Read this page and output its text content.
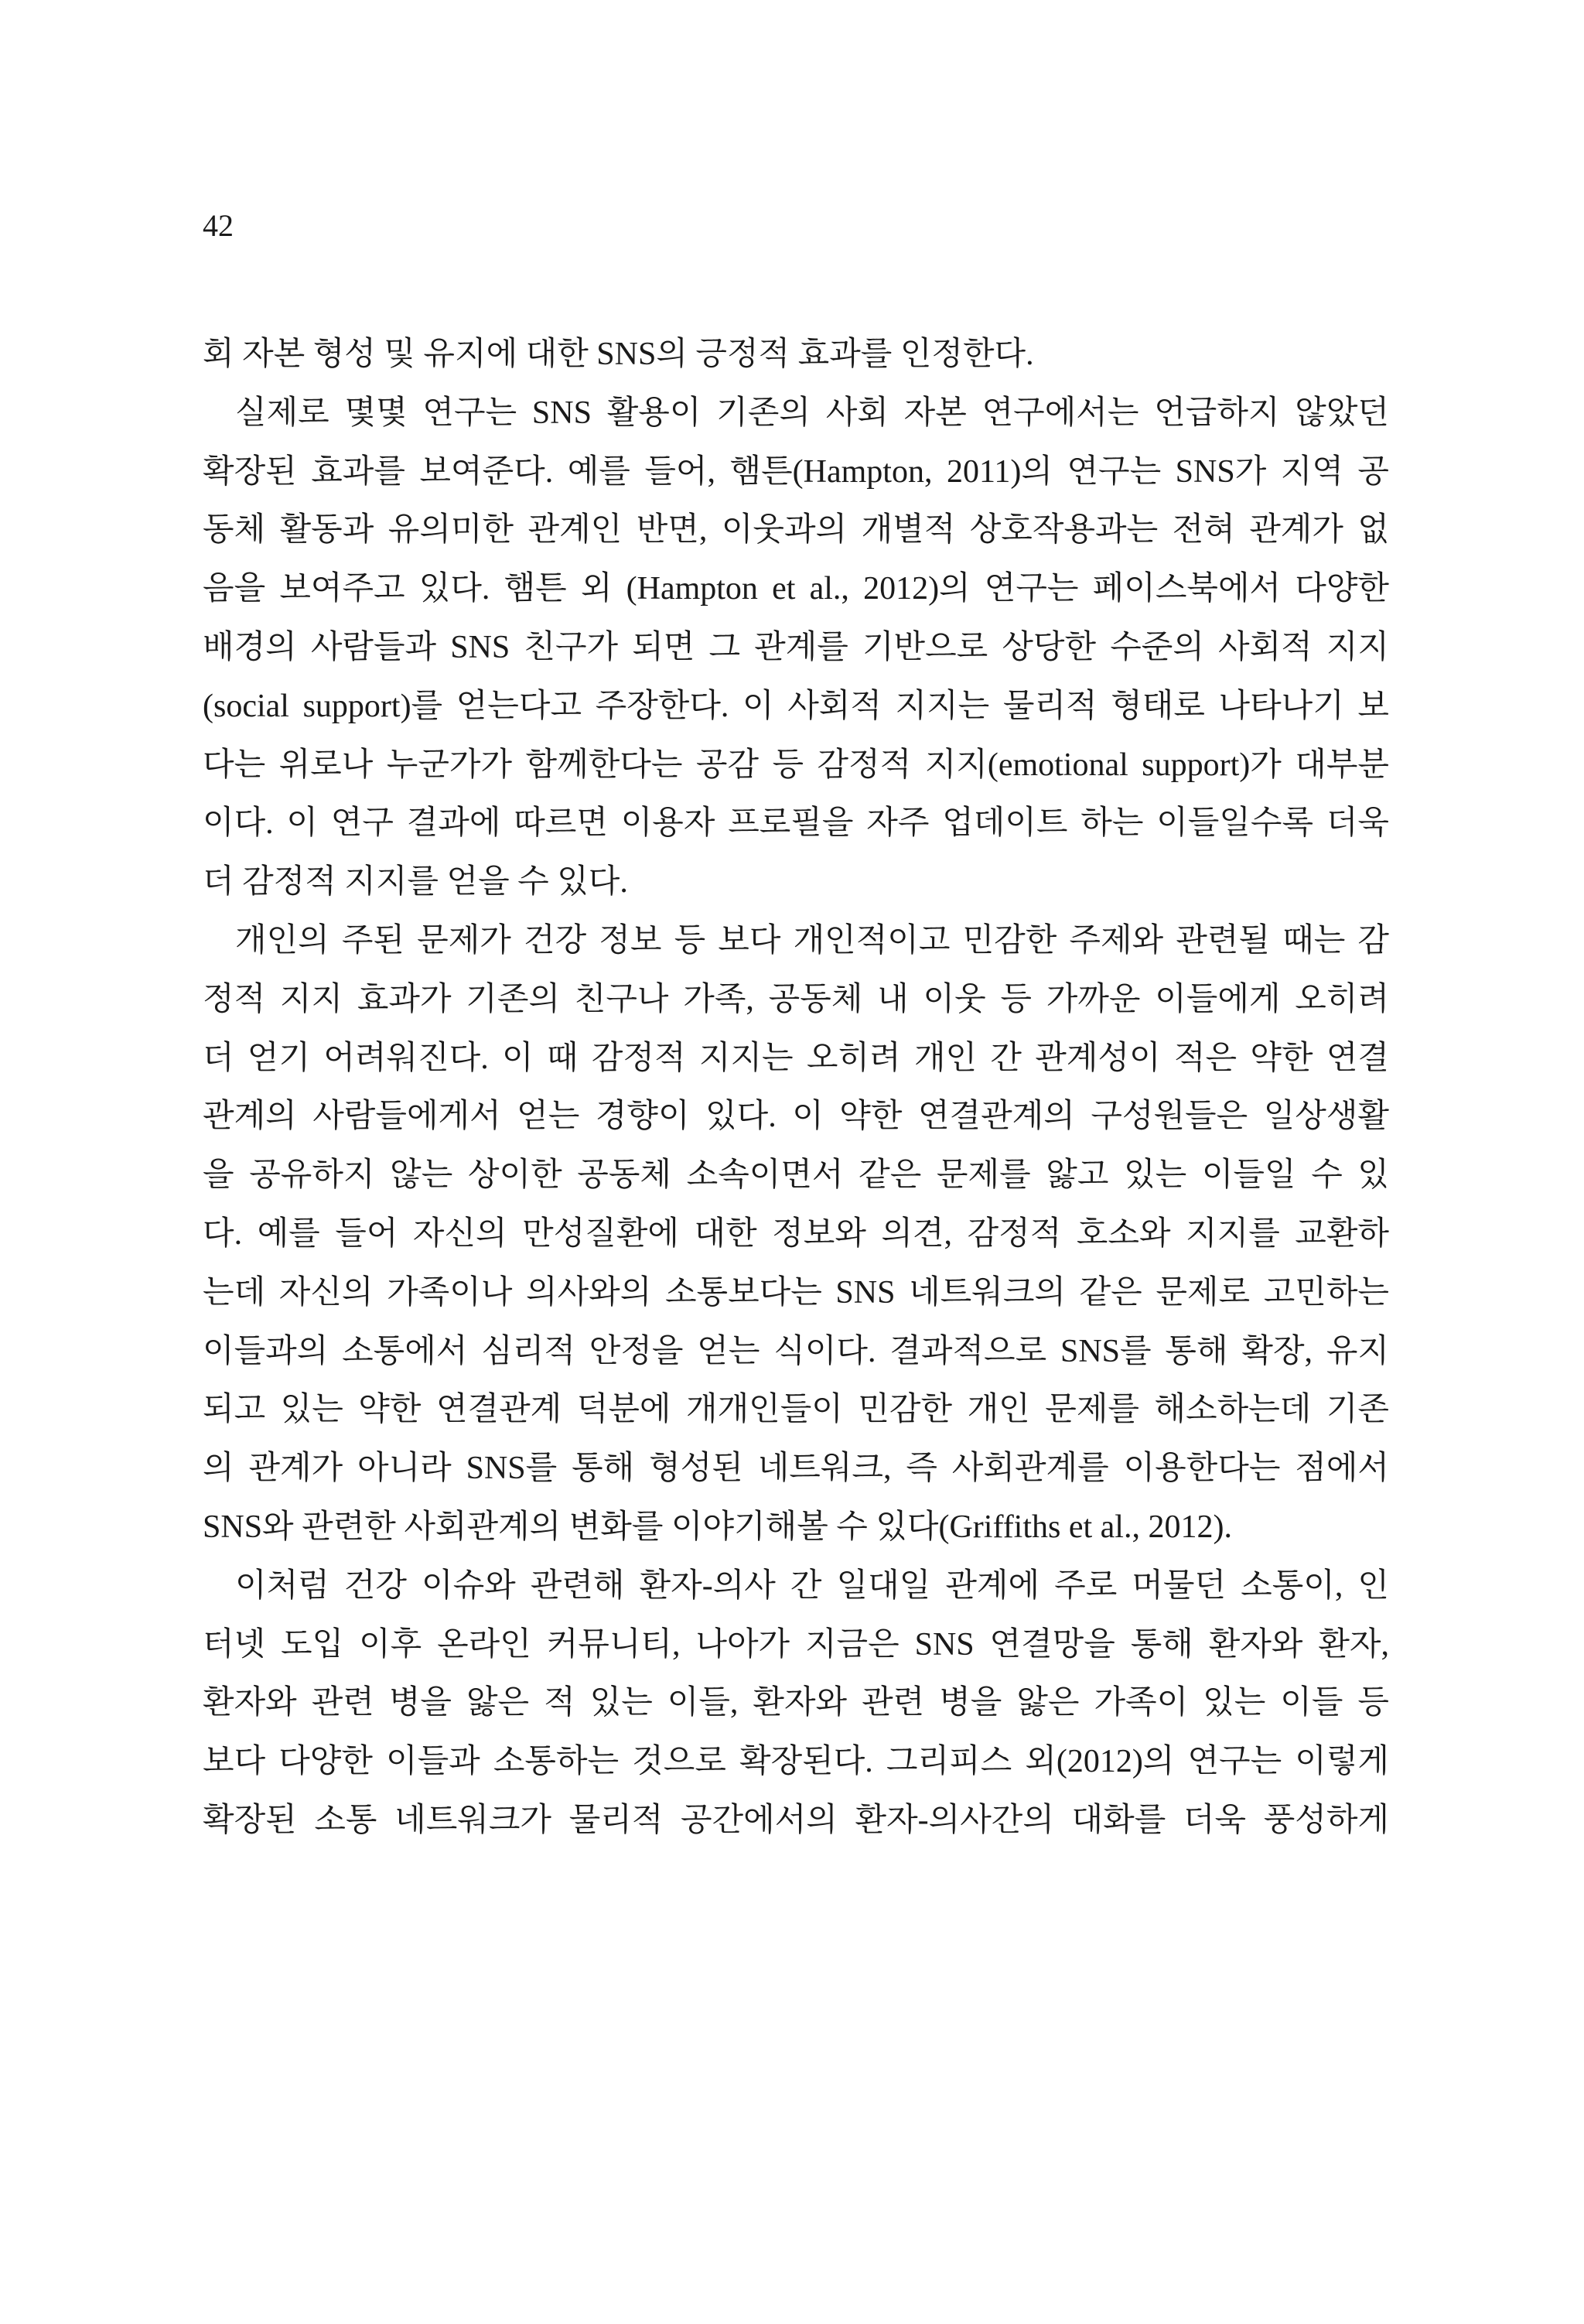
42
회 자본 형성 및 유지에 대한 SNS의 긍정적 효과를 인정한다.
실제로 몇몇 연구는 SNS 활용이 기존의 사회 자본 연구에서는 언급하지 않았던
확장된 효과를 보여준다. 예를 들어, 햄튼(Hampton, 2011)의 연구는 SNS가 지역 공
동체 활동과 유의미한 관계인 반면, 이웃과의 개별적 상호작용과는 전혀 관계가 없
음을 보여주고 있다. 햄튼 외 (Hampton et al., 2012)의 연구는 페이스북에서 다양한
배경의 사람들과 SNS 친구가 되면 그 관계를 기반으로 상당한 수준의 사회적 지지
(social support)를 얻는다고 주장한다. 이 사회적 지지는 물리적 형태로 나타나기 보
다는 위로나 누군가가 함께한다는 공감 등 감정적 지지(emotional support)가 대부분
이다. 이 연구 결과에 따르면 이용자 프로필을 자주 업데이트 하는 이들일수록 더욱
더 감정적 지지를 얻을 수 있다.
개인의 주된 문제가 건강 정보 등 보다 개인적이고 민감한 주제와 관련될 때는 감
정적 지지 효과가 기존의 친구나 가족, 공동체 내 이웃 등 가까운 이들에게 오히려
더 얻기 어려워진다. 이 때 감정적 지지는 오히려 개인 간 관계성이 적은 약한 연결
관계의 사람들에게서 얻는 경향이 있다. 이 약한 연결관계의 구성원들은 일상생활
을 공유하지 않는 상이한 공동체 소속이면서 같은 문제를 앓고 있는 이들일 수 있
다. 예를 들어 자신의 만성질환에 대한 정보와 의견, 감정적 호소와 지지를 교환하
는데 자신의 가족이나 의사와의 소통보다는 SNS 네트워크의 같은 문제로 고민하는
이들과의 소통에서 심리적 안정을 얻는 식이다. 결과적으로 SNS를 통해 확장, 유지
되고 있는 약한 연결관계 덕분에 개개인들이 민감한 개인 문제를 해소하는데 기존
의 관계가 아니라 SNS를 통해 형성된 네트워크, 즉 사회관계를 이용한다는 점에서
SNS와 관련한 사회관계의 변화를 이야기해볼 수 있다(Griffiths et al., 2012).
이처럼 건강 이슈와 관련해 환자-의사 간 일대일 관계에 주로 머물던 소통이, 인
터넷 도입 이후 온라인 커뮤니티, 나아가 지금은 SNS 연결망을 통해 환자와 환자,
환자와 관련 병을 앓은 적 있는 이들, 환자와 관련 병을 앓은 가족이 있는 이들 등
보다 다양한 이들과 소통하는 것으로 확장된다. 그리피스 외(2012)의 연구는 이렇게
확장된 소통 네트워크가 물리적 공간에서의 환자-의사간의 대화를 더욱 풍성하게
